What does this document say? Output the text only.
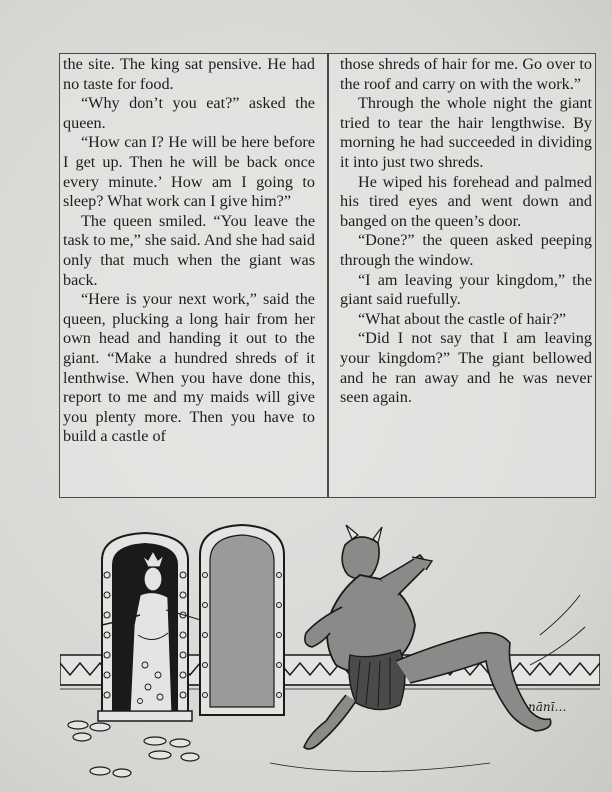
the site. The king sat pensive. He had no taste for food.

“Why don’t you eat?” asked the queen.

“How can I? He will be here before I get up. Then he will be back once every minute.’ How am I going to sleep? What work can I give him?”

The queen smiled. “You leave the task to me,” she said. And she had said only that much when the giant was back.

“Here is your next work,” said the queen, plucking a long hair from her own head and handing it out to the giant. “Make a hundred shreds of it lenthwise. When you have done this, report to me and my maids will give you plenty more. Then you have to build a castle of

those shreds of hair for me. Go over to the roof and carry on with the work.”

Through the whole night the giant tried to tear the hair lengthwise. By morning he had succeeded in dividing it into just two shreds.

He wiped his forehead and palmed his tired eyes and went down and banged on the queen’s door.

“Done?” the queen asked peeping through the window.

“I am leaving your kingdom,” the giant said ruefully.

“What about the castle of hair?”

“Did I not say that I am leaving your kingdom?” The giant bellowed and he ran away and he was never seen again.

nānī…
